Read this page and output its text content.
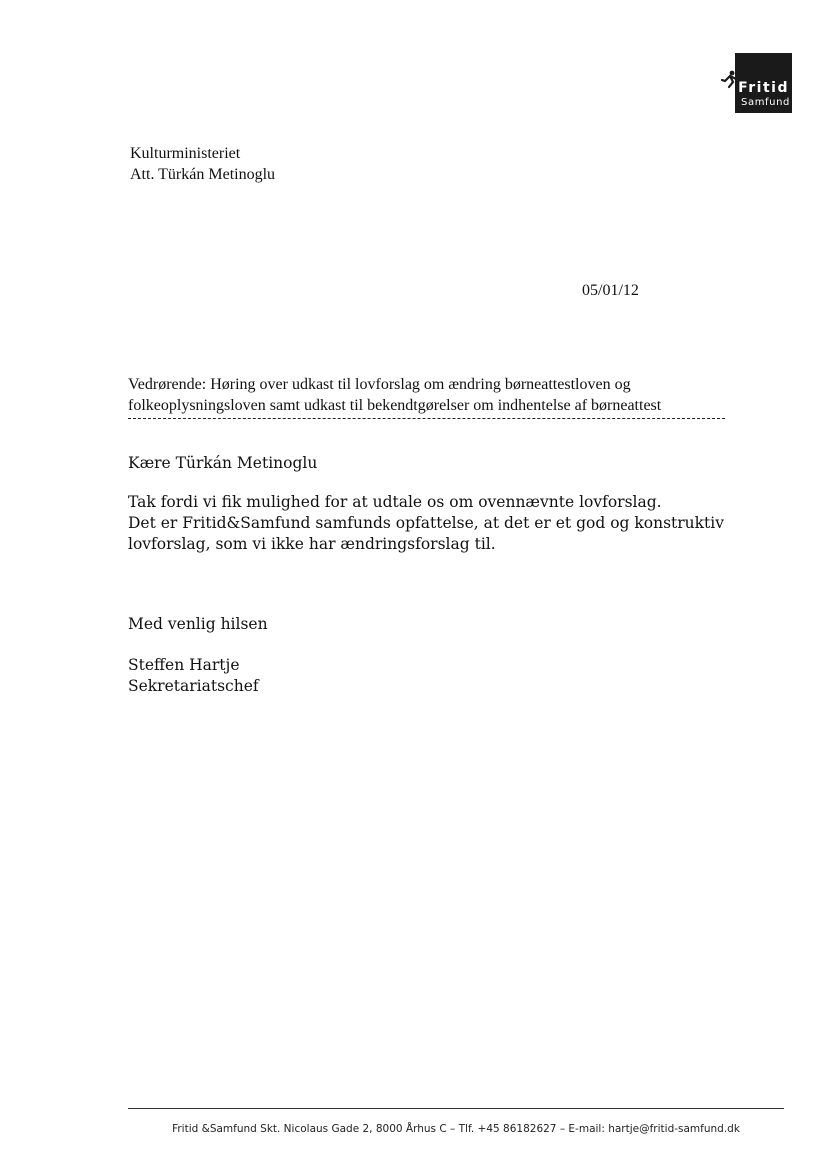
Fritid
Samfund
Kulturministeriet
Att. Türkán Metinoglu
05/01/12
Vedrørende: Høring over udkast til lovforslag om ændring børneattestloven og
folkeoplysningsloven samt udkast til bekendtgørelser om indhentelse af børneattest
Kære Türkán Metinoglu
Tak fordi vi fik mulighed for at udtale os om ovennævnte lovforslag.
Det er Fritid&Samfund samfunds opfattelse, at det er et god og konstruktiv
lovforslag, som vi ikke har ændringsforslag til.
Med venlig hilsen
Steffen Hartje
Sekretariatschef
Fritid &Samfund Skt. Nicolaus Gade 2, 8000 Århus C – Tlf. +45 86182627 – E-mail: hartje@fritid-samfund.dk
